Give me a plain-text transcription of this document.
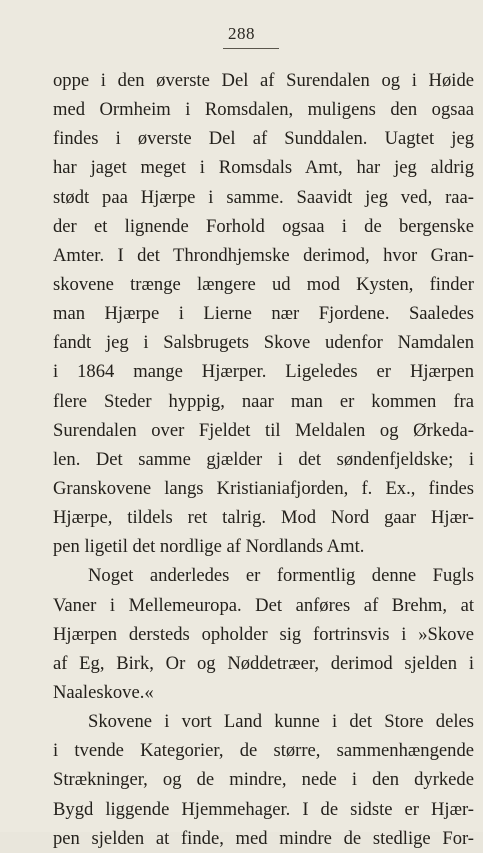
288
oppe i den øverste Del af Surendalen og i Høide
med Ormheim i Romsdalen, muligens den ogsaa
findes i øverste Del af Sunddalen. Uagtet jeg
har jaget meget i Romsdals Amt, har jeg aldrig
stødt paa Hjærpe i samme. Saavidt jeg ved, raa-
der et lignende Forhold ogsaa i de bergenske
Amter. I det Throndhjemske derimod, hvor Gran-
skovene trænge længere ud mod Kysten, finder
man Hjærpe i Lierne nær Fjordene. Saaledes
fandt jeg i Salsbrugets Skove udenfor Namdalen
i 1864 mange Hjærper. Ligeledes er Hjærpen
flere Steder hyppig, naar man er kommen fra
Surendalen over Fjeldet til Meldalen og Ørkeda-
len. Det samme gjælder i det søndenfjeldske; i
Granskovene langs Kristianiafjorden, f. Ex., findes
Hjærpe, tildels ret talrig. Mod Nord gaar Hjær-
pen ligetil det nordlige af Nordlands Amt.
Noget anderledes er formentlig denne Fugls
Vaner i Mellemeuropa. Det anføres af Brehm, at
Hjærpen dersteds opholder sig fortrinsvis i »Skove
af Eg, Birk, Or og Nøddetræer, derimod sjelden i
Naaleskove.«
Skovene i vort Land kunne i det Store deles
i tvende Kategorier, de større, sammenhængende
Strækninger, og de mindre, nede i den dyrkede
Bygd liggende Hjemmehager. I de sidste er Hjær-
pen sjelden at finde, med mindre de stedlige For-
